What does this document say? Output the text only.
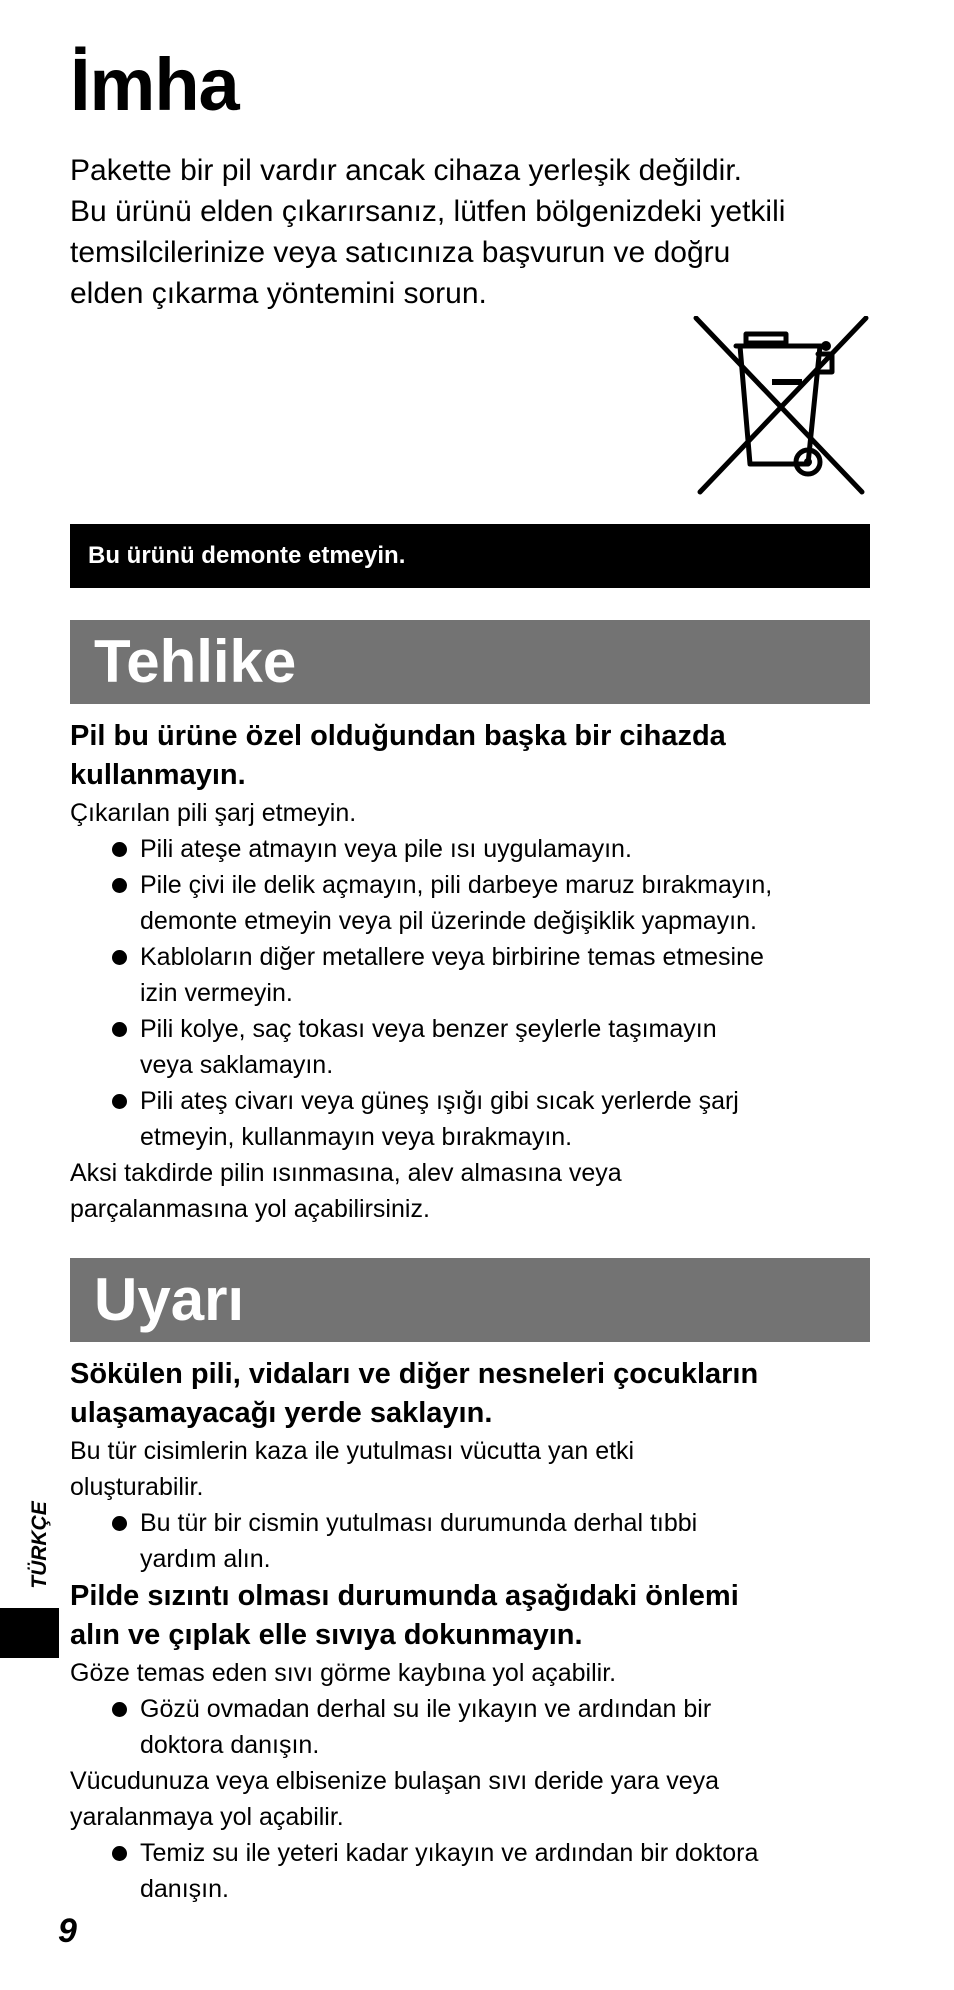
İmha

Pakette bir pil vardır ancak cihaza yerleşik değildir.
Bu ürünü elden çıkarırsanız, lütfen bölgenizdeki yetkili
temsilcilerinize veya satıcınıza başvurun ve doğru
elden çıkarma yöntemini sorun.

Bu ürünü demonte etmeyin.
Tehlike

Pil bu ürüne özel olduğundan başka bir cihazda
kullanmayın.

Çıkarılan pili şarj etmeyin.

Pili ateşe atmayın veya pile ısı uygulamayın.
Pile çivi ile delik açmayın, pili darbeye maruz bırakmayın,
demonte etmeyin veya pil üzerinde değişiklik yapmayın.
Kabloların diğer metallere veya birbirine temas etmesine
izin vermeyin.
Pili kolye, saç tokası veya benzer şeylerle taşımayın
veya saklamayın.
Pili ateş civarı veya güneş ışığı gibi sıcak yerlerde şarj
etmeyin, kullanmayın veya bırakmayın.

Aksi takdirde pilin ısınmasına, alev almasına veya
parçalanmasına yol açabilirsiniz.

Uyarı

Sökülen pili, vidaları ve diğer nesneleri çocukların
ulaşamayacağı yerde saklayın.

Bu tür cisimlerin kaza ile yutulması vücutta yan etki
oluşturabilir.

Bu tür bir cismin yutulması durumunda derhal tıbbi
yardım alın.

Pilde sızıntı olması durumunda aşağıdaki önlemi
alın ve çıplak elle sıvıya dokunmayın.

Göze temas eden sıvı görme kaybına yol açabilir.

Gözü ovmadan derhal su ile yıkayın ve ardından bir
doktora danışın.

Vücudunuza veya elbisenize bulaşan sıvı deride yara veya
yaralanmaya yol açabilir.

Temiz su ile yeteri kadar yıkayın ve ardından bir doktora
danışın.
TÜRKÇE
9
